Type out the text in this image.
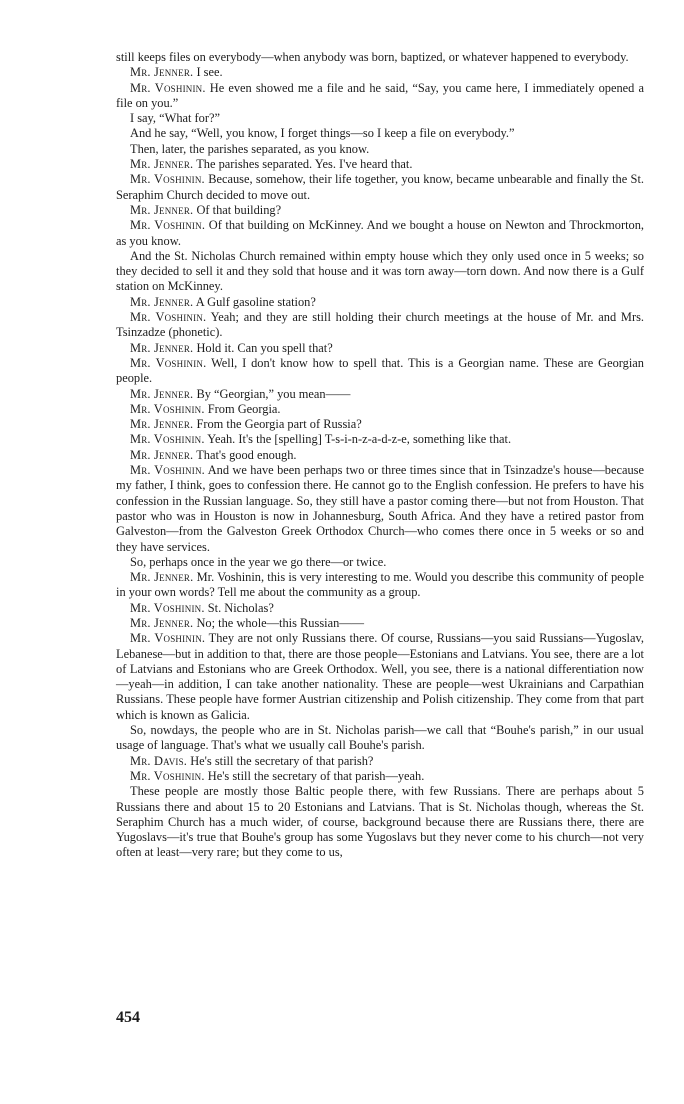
still keeps files on everybody—when anybody was born, baptized, or whatever happened to everybody.

Mr. Jenner. I see.

Mr. Voshinin. He even showed me a file and he said, “Say, you came here, I immediately opened a file on you.”

I say, “What for?”

And he say, “Well, you know, I forget things—so I keep a file on everybody.”

Then, later, the parishes separated, as you know.

Mr. Jenner. The parishes separated. Yes. I've heard that.

Mr. Voshinin. Because, somehow, their life together, you know, became unbearable and finally the St. Seraphim Church decided to move out.

Mr. Jenner. Of that building?

Mr. Voshinin. Of that building on McKinney. And we bought a house on Newton and Throckmorton, as you know.

And the St. Nicholas Church remained within empty house which they only used once in 5 weeks; so they decided to sell it and they sold that house and it was torn away—torn down. And now there is a Gulf station on McKinney.

Mr. Jenner. A Gulf gasoline station?

Mr. Voshinin. Yeah; and they are still holding their church meetings at the house of Mr. and Mrs. Tsinzadze (phonetic).

Mr. Jenner. Hold it. Can you spell that?

Mr. Voshinin. Well, I don't know how to spell that. This is a Georgian name. These are Georgian people.

Mr. Jenner. By “Georgian,” you mean——

Mr. Voshinin. From Georgia.

Mr. Jenner. From the Georgia part of Russia?

Mr. Voshinin. Yeah. It's the [spelling] T-s-i-n-z-a-d-z-e, something like that.

Mr. Jenner. That's good enough.

Mr. Voshinin. And we have been perhaps two or three times since that in Tsinzadze's house—because my father, I think, goes to confession there. He cannot go to the English confession. He prefers to have his confession in the Russian language. So, they still have a pastor coming there—but not from Houston. That pastor who was in Houston is now in Johannesburg, South Africa. And they have a retired pastor from Galveston—from the Galveston Greek Orthodox Church—who comes there once in 5 weeks or so and they have services.

So, perhaps once in the year we go there—or twice.

Mr. Jenner. Mr. Voshinin, this is very interesting to me. Would you describe this community of people in your own words? Tell me about the community as a group.

Mr. Voshinin. St. Nicholas?

Mr. Jenner. No; the whole—this Russian——

Mr. Voshinin. They are not only Russians there. Of course, Russians—you said Russians—Yugoslav, Lebanese—but in addition to that, there are those people—Estonians and Latvians. You see, there are a lot of Latvians and Estonians who are Greek Orthodox. Well, you see, there is a national differentiation now—yeah—in addition, I can take another nationality. These are people—west Ukrainians and Carpathian Russians. These people have former Austrian citizenship and Polish citizenship. They come from that part which is known as Galicia.

So, nowdays, the people who are in St. Nicholas parish—we call that “Bouhe's parish,” in our usual usage of language. That's what we usually call Bouhe's parish.

Mr. Davis. He's still the secretary of that parish?

Mr. Voshinin. He's still the secretary of that parish—yeah.

These people are mostly those Baltic people there, with few Russians. There are perhaps about 5 Russians there and about 15 to 20 Estonians and Latvians. That is St. Nicholas though, whereas the St. Seraphim Church has a much wider, of course, background because there are Russians there, there are Yugoslavs—it's true that Bouhe's group has some Yugoslavs but they never come to his church—not very often at least—very rare; but they come to us,

454
